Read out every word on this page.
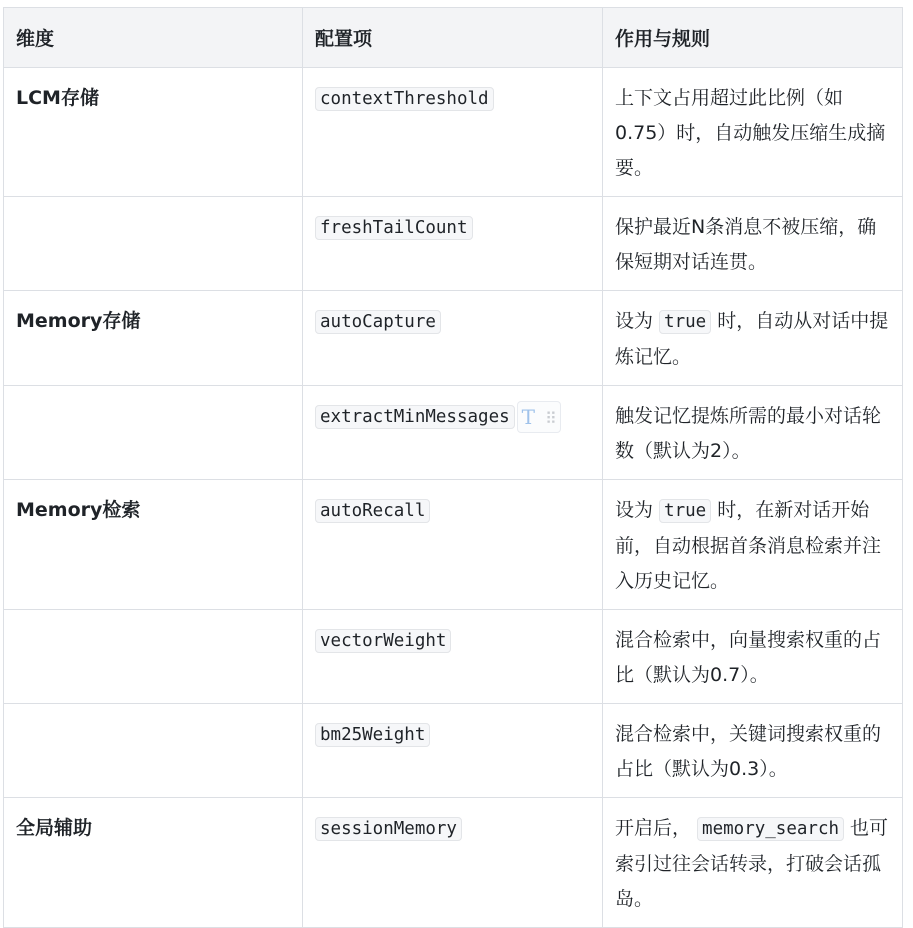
维度	配置项	作用与规则
LCM存储	contextThreshold	上下文占用超过此比例（如0.75）时，自动触发压缩生成摘要。
	freshTailCount	保护最近N条消息不被压缩，确保短期对话连贯。
Memory存储	autoCapture	设为 true 时，自动从对话中提炼记忆。
	extractMinMessages T ⠿	触发记忆提炼所需的最小对话轮数（默认为2）。
Memory检索	autoRecall	设为 true 时，在新对话开始前，自动根据首条消息检索并注入历史记忆。
	vectorWeight	混合检索中，向量搜索权重的占比（默认为0.7）。
	bm25Weight	混合检索中，关键词搜索权重的占比（默认为0.3）。
全局辅助	sessionMemory	开启后， memory_search 也可索引过往会话转录，打破会话孤岛。
